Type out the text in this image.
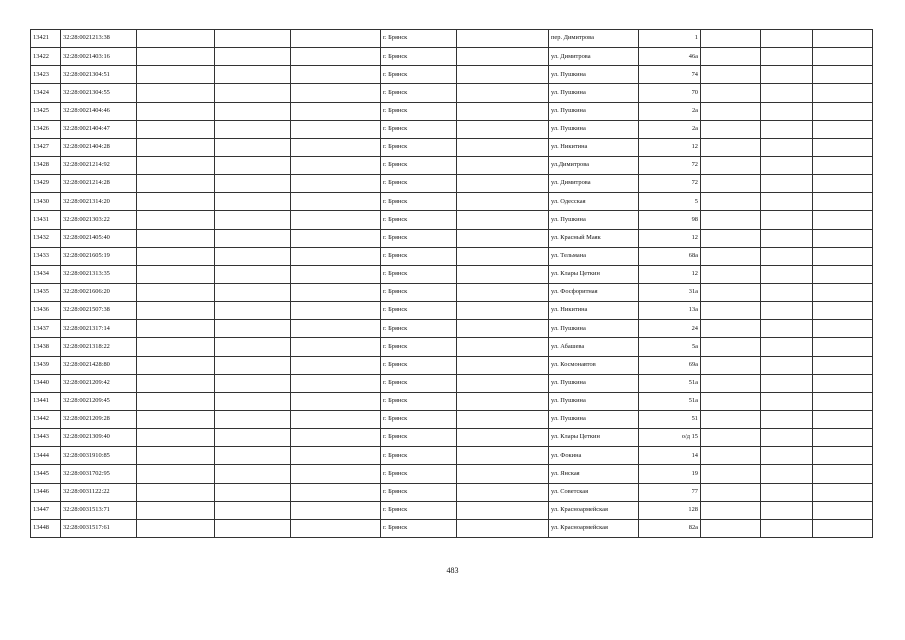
13421	32:28:0021213:38				г. Брянск		пер. Димитрова	1			
13422	32:28:0021403:16				г. Брянск		ул. Димитрова	46а			
13423	32:28:0021304:51				г. Брянск		ул. Пушкина	74			
13424	32:28:0021304:55				г. Брянск		ул. Пушкина	70			
13425	32:28:0021404:46				г. Брянск		ул. Пушкина	2а			
13426	32:28:0021404:47				г. Брянск		ул. Пушкина	2а			
13427	32:28:0021404:28				г. Брянск		ул. Никитина	12			
13428	32:28:0021214:92				г. Брянск		ул.Димитрова	72			
13429	32:28:0021214:28				г. Брянск		ул. Димитрова	72			
13430	32:28:0021314:20				г. Брянск		ул. Одесская	5			
13431	32:28:0021303:22				г. Брянск		ул. Пушкина	98			
13432	32:28:0021405:40				г. Брянск		ул. Красный Маяк	12			
13433	32:28:0021605:19				г. Брянск		ул. Тельмана	68а			
13434	32:28:0021313:35				г. Брянск		ул. Клары Цеткин	12			
13435	32:28:0021606:20				г. Брянск		ул. Фосфоритная	31а			
13436	32:28:0021507:38				г. Брянск		ул. Никитина	13а			
13437	32:28:0021317:14				г. Брянск		ул. Пушкина	24			
13438	32:28:0021318:22				г. Брянск		ул. Абашева	5а			
13439	32:28:0021428:80				г. Брянск		ул. Космонавтов	69а			
13440	32:28:0021209:42				г. Брянск		ул. Пушкина	51а			
13441	32:28:0021209:45				г. Брянск		ул. Пушкина	51а			
13442	32:28:0021209:28				г. Брянск		ул. Пушкина	51			
13443	32:28:0021309:40				г. Брянск		ул. Клары Цеткин	о/д 15			
13444	32:28:0031910:85				г. Брянск		ул. Фокина	14			
13445	32:28:0031702:95				г. Брянск		ул. Янская	19			
13446	32:28:0031122:22				г. Брянск		ул. Советская	77			
13447	32:28:0031513:71				г. Брянск		ул. Красноармейская	128			
13448	32:28:0031517:61				г. Брянск		ул. Красноармейская	82а			
483
